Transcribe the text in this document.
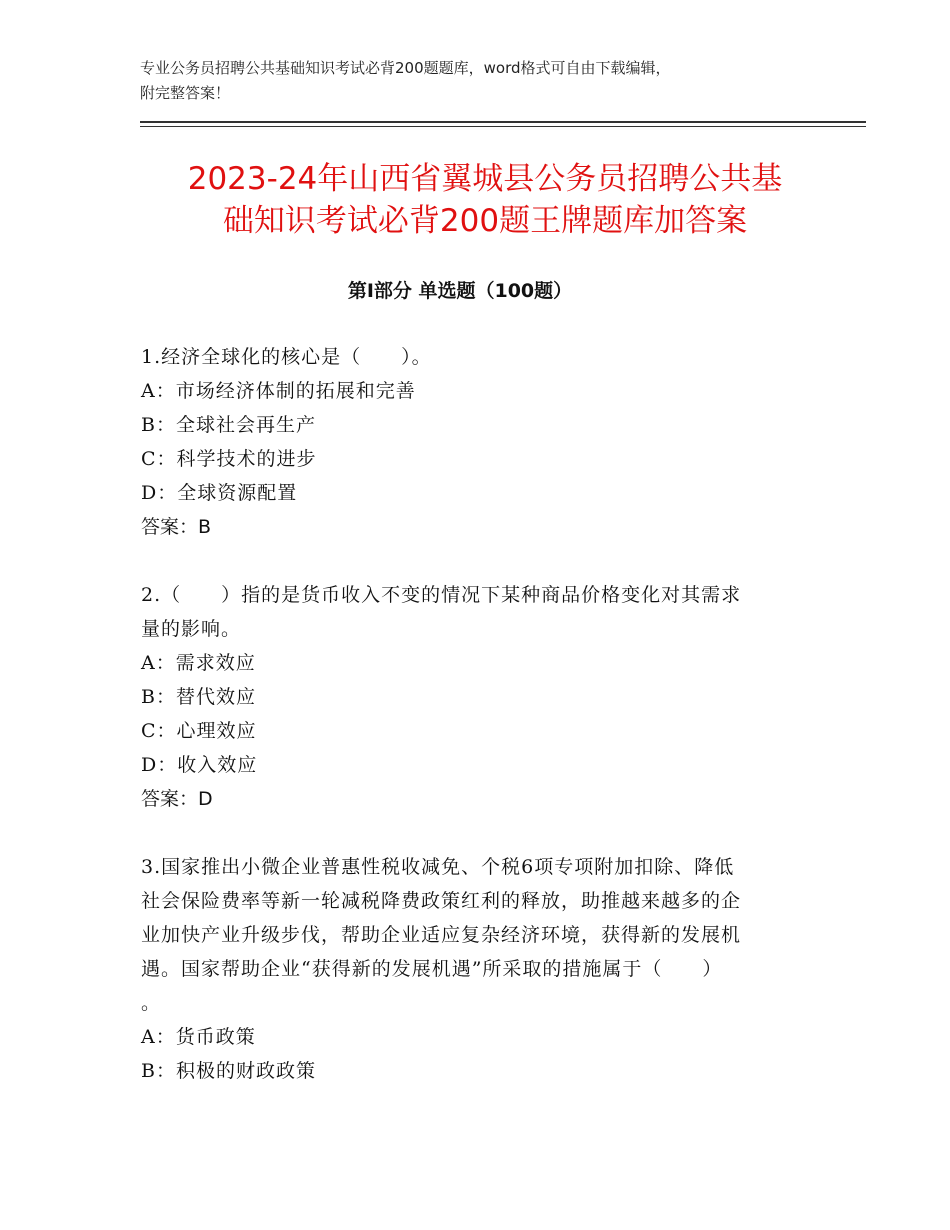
专业公务员招聘公共基础知识考试必背200题题库，word格式可自由下载编辑，
附完整答案！
2023-24年山西省翼城县公务员招聘公共基
础知识考试必背200题王牌题库加答案
第Ⅰ部分 单选题（100题）
1.经济全球化的核心是（　　）。
A：市场经济体制的拓展和完善
B：全球社会再生产
C：科学技术的进步
D：全球资源配置
答案：B
2.（　　）指的是货币收入不变的情况下某种商品价格变化对其需求
量的影响。
A：需求效应
B：替代效应
C：心理效应
D：收入效应
答案：D
3.国家推出小微企业普惠性税收减免、个税6项专项附加扣除、降低
社会保险费率等新一轮减税降费政策红利的释放，助推越来越多的企
业加快产业升级步伐，帮助企业适应复杂经济环境，获得新的发展机
遇。国家帮助企业“获得新的发展机遇”所采取的措施属于（　　）
。
A：货币政策
B：积极的财政政策
